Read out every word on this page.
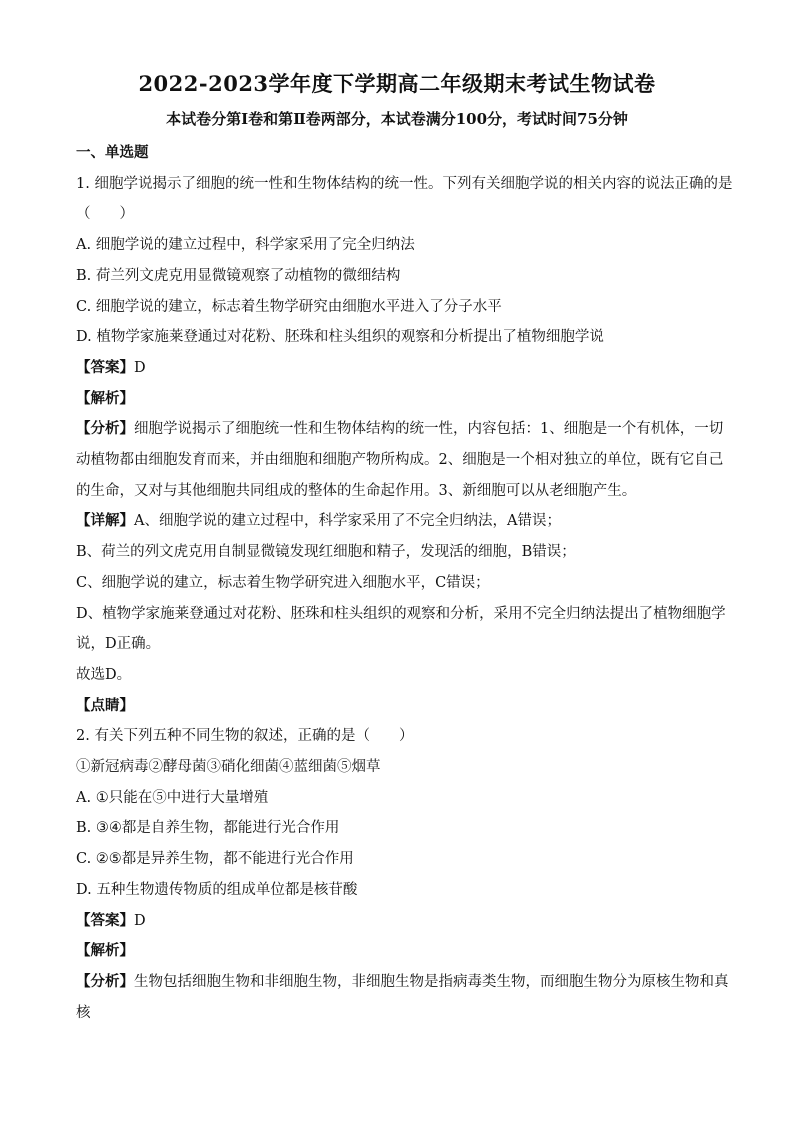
2022-2023学年度下学期高二年级期末考试生物试卷
本试卷分第Ⅰ卷和第Ⅱ卷两部分，本试卷满分100分，考试时间75分钟

一、单选题

1. 细胞学说揭示了细胞的统一性和生物体结构的统一性。下列有关细胞学说的相关内容的说法正确的是
（　　）

A. 细胞学说的建立过程中，科学家采用了完全归纳法

B. 荷兰列文虎克用显微镜观察了动植物的微细结构

C. 细胞学说的建立，标志着生物学研究由细胞水平进入了分子水平

D. 植物学家施莱登通过对花粉、胚珠和柱头组织的观察和分析提出了植物细胞学说

【答案】D

【解析】

【分析】细胞学说揭示了细胞统一性和生物体结构的统一性，内容包括：1、细胞是一个有机体，一切动植物都由细胞发育而来，并由细胞和细胞产物所构成。2、细胞是一个相对独立的单位，既有它自己的生命，又对与其他细胞共同组成的整体的生命起作用。3、新细胞可以从老细胞产生。

【详解】A、细胞学说的建立过程中，科学家采用了不完全归纳法，A错误；

B、荷兰的列文虎克用自制显微镜发现红细胞和精子，发现活的细胞，B错误；

C、细胞学说的建立，标志着生物学研究进入细胞水平，C错误；

D、植物学家施莱登通过对花粉、胚珠和柱头组织的观察和分析，采用不完全归纳法提出了植物细胞学说，D正确。

故选D。

【点睛】

2. 有关下列五种不同生物的叙述，正确的是（　　）

①新冠病毒②酵母菌③硝化细菌④蓝细菌⑤烟草

A. ①只能在⑤中进行大量增殖

B. ③④都是自养生物，都能进行光合作用

C. ②⑤都是异养生物，都不能进行光合作用

D. 五种生物遗传物质的组成单位都是核苷酸

【答案】D

【解析】

【分析】生物包括细胞生物和非细胞生物，非细胞生物是指病毒类生物，而细胞生物分为原核生物和真核
